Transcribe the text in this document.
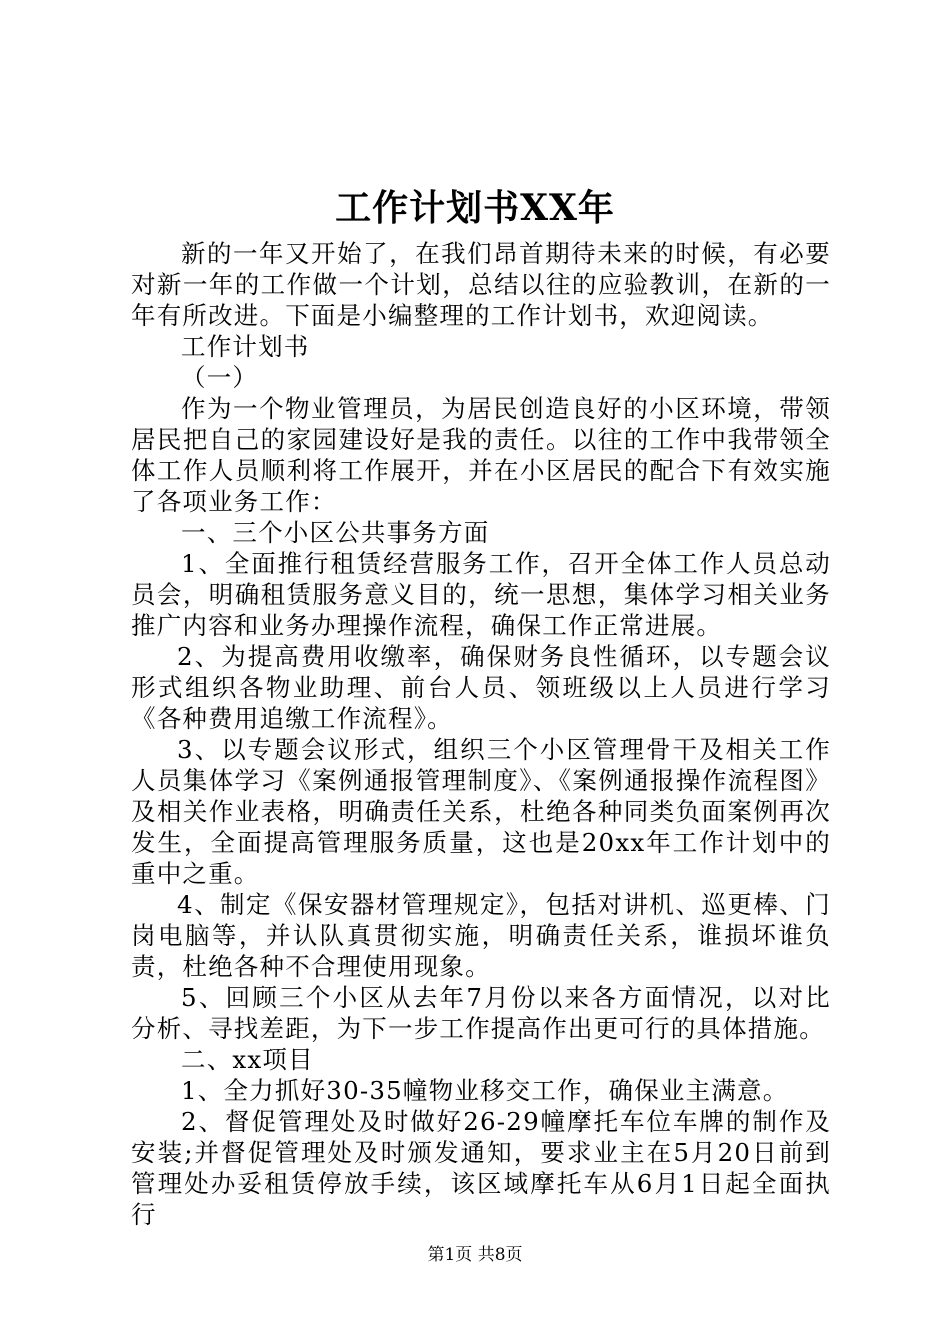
工作计划书XX年

新的一年又开始了，在我们昂首期待未来的时候，有必要对新一年的工作做一个计划，总结以往的应验教训，在新的一年有所改进。下面是小编整理的工作计划书，欢迎阅读。

工作计划书

（一）

作为一个物业管理员，为居民创造良好的小区环境，带领居民把自己的家园建设好是我的责任。以往的工作中我带领全体工作人员顺利将工作展开，并在小区居民的配合下有效实施了各项业务工作：

一、三个小区公共事务方面

1、全面推行租赁经营服务工作，召开全体工作人员总动员会，明确租赁服务意义目的，统一思想，集体学习相关业务推广内容和业务办理操作流程，确保工作正常进展。

2、为提高费用收缴率，确保财务良性循环，以专题会议形式组织各物业助理、前台人员、领班级以上人员进行学习《各种费用追缴工作流程》。

3、以专题会议形式，组织三个小区管理骨干及相关工作人员集体学习《案例通报管理制度》、《案例通报操作流程图》及相关作业表格，明确责任关系，杜绝各种同类负面案例再次发生，全面提高管理服务质量，这也是20xx年工作计划中的重中之重。

4、制定《保安器材管理规定》，包括对讲机、巡更棒、门岗电脑等，并认队真贯彻实施，明确责任关系，谁损坏谁负责，杜绝各种不合理使用现象。

5、回顾三个小区从去年7月份以来各方面情况，以对比分析、寻找差距，为下一步工作提高作出更可行的具体措施。

二、xx项目

1、全力抓好30-35幢物业移交工作，确保业主满意。

2、督促管理处及时做好26-29幢摩托车位车牌的制作及安装;并督促管理处及时颁发通知，要求业主在5月20日前到管理处办妥租赁停放手续，该区域摩托车从6月1日起全面执行

第1页 共8页
